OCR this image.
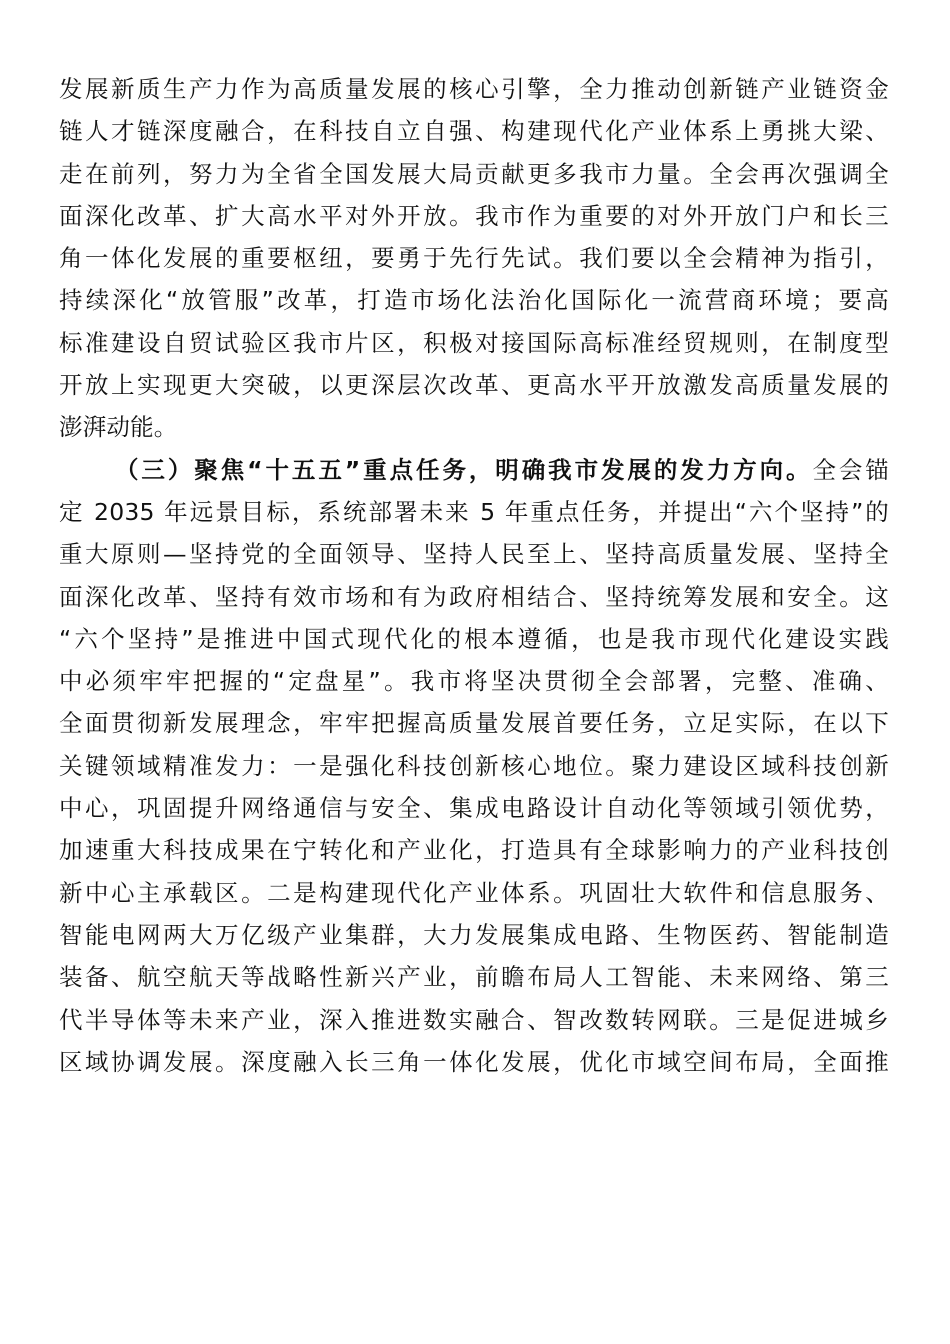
发展新质生产力作为高质量发展的核心引擎，全力推动创新链产业链资金
链人才链深度融合，在科技自立自强、构建现代化产业体系上勇挑大梁、
走在前列，努力为全省全国发展大局贡献更多我市力量。全会再次强调全
面深化改革、扩大高水平对外开放。我市作为重要的对外开放门户和长三
角一体化发展的重要枢纽，要勇于先行先试。我们要以全会精神为指引，
持续深化“放管服”改革，打造市场化法治化国际化一流营商环境；要高
标准建设自贸试验区我市片区，积极对接国际高标准经贸规则，在制度型
开放上实现更大突破，以更深层次改革、更高水平开放激发高质量发展的
澎湃动能。
（三）聚焦“十五五”重点任务，明确我市发展的发力方向。全会锚
定 2035 年远景目标，系统部署未来 5 年重点任务，并提出“六个坚持”的
重大原则—坚持党的全面领导、坚持人民至上、坚持高质量发展、坚持全
面深化改革、坚持有效市场和有为政府相结合、坚持统筹发展和安全。这
“六个坚持”是推进中国式现代化的根本遵循，也是我市现代化建设实践
中必须牢牢把握的“定盘星”。我市将坚决贯彻全会部署，完整、准确、
全面贯彻新发展理念，牢牢把握高质量发展首要任务，立足实际，在以下
关键领域精准发力：一是强化科技创新核心地位。聚力建设区域科技创新
中心，巩固提升网络通信与安全、集成电路设计自动化等领域引领优势，
加速重大科技成果在宁转化和产业化，打造具有全球影响力的产业科技创
新中心主承载区。二是构建现代化产业体系。巩固壮大软件和信息服务、
智能电网两大万亿级产业集群，大力发展集成电路、生物医药、智能制造
装备、航空航天等战略性新兴产业，前瞻布局人工智能、未来网络、第三
代半导体等未来产业，深入推进数实融合、智改数转网联。三是促进城乡
区域协调发展。深度融入长三角一体化发展，优化市域空间布局，全面推
